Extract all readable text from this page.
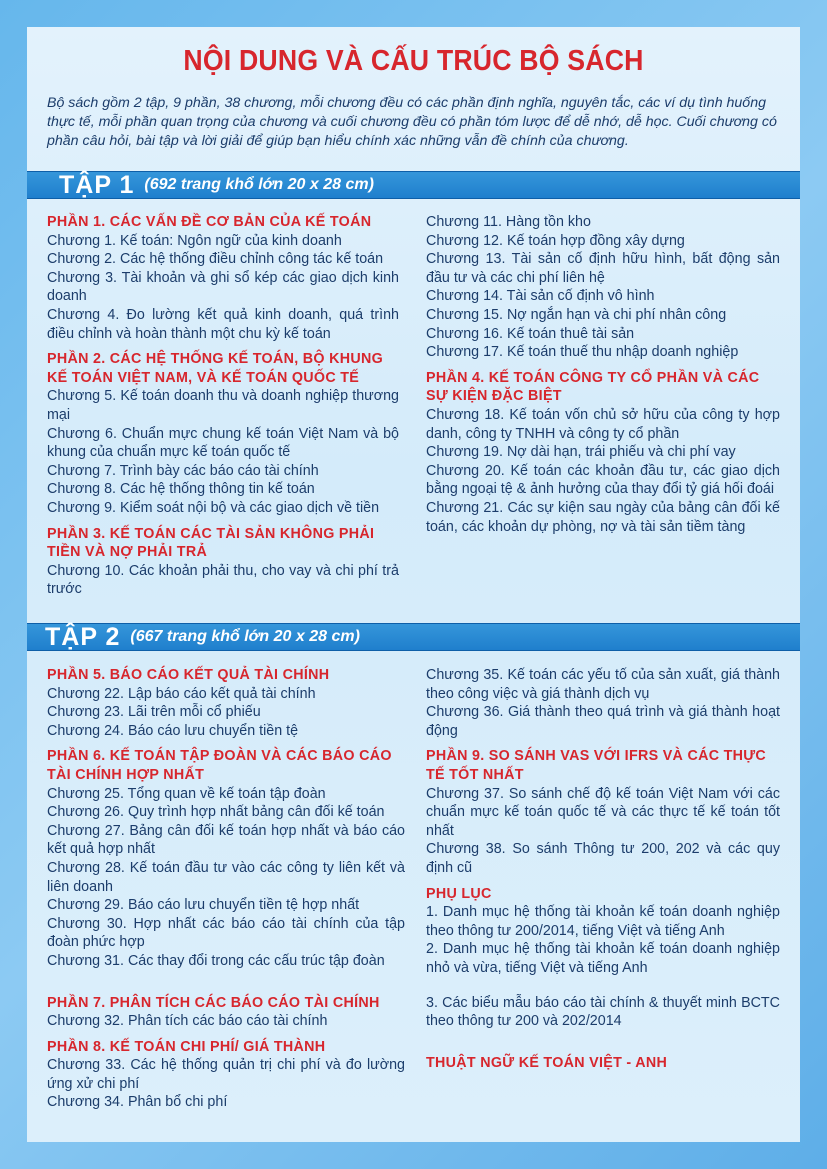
NỘI DUNG VÀ CẤU TRÚC BỘ SÁCH
Bộ sách gồm 2 tập, 9 phần, 38 chương, mỗi chương đều có các phần định nghĩa, nguyên tắc, các ví dụ tình huống thực tế, mỗi phần quan trọng của chương và cuối chương đều có phần tóm lược để dễ nhớ, dễ học. Cuối chương có phần câu hỏi, bài tập và lời giải để giúp bạn hiểu chính xác những vẫn đề chính của chương.
TẬP 1 (692 trang khổ lớn 20 x 28 cm)
PHẦN 1. CÁC VẤN ĐỀ CƠ BẢN CỦA KẾ TOÁN
Chương 1. Kế toán: Ngôn ngữ của kinh doanh
Chương 2. Các hệ thống điều chỉnh công tác kế toán
Chương 3. Tài khoản và ghi sổ kép các giao dịch kinh doanh
Chương 4. Đo lường kết quả kinh doanh, quá trình điều chỉnh và hoàn thành một chu kỳ kế toán
PHẦN 2. CÁC HỆ THỐNG KẾ TOÁN, BỘ KHUNG KẾ TOÁN VIỆT NAM, VÀ KẾ TOÁN QUỐC TẾ
Chương 5. Kế toán doanh thu và doanh nghiệp thương mại
Chương 6. Chuẩn mực chung kế toán Việt Nam và bộ khung của chuẩn mực kế toán quốc tế
Chương 7. Trình bày các báo cáo tài chính
Chương 8. Các hệ thống thông tin kế toán
Chương 9. Kiểm soát nội bộ và các giao dịch về tiền
PHẦN 3. KẾ TOÁN CÁC TÀI SẢN KHÔNG PHẢI TIỀN VÀ NỢ PHẢI TRẢ
Chương 10. Các khoản phải thu, cho vay và chi phí trả trước
Chương 11. Hàng tồn kho
Chương 12. Kế toán hợp đồng xây dựng
Chương 13. Tài sản cố định hữu hình, bất động sản đầu tư và các chi phí liên hệ
Chương 14. Tài sản cố định vô hình
Chương 15. Nợ ngắn hạn và chi phí nhân công
Chương 16. Kế toán thuê tài sản
Chương 17. Kế toán thuế thu nhập doanh nghiệp
PHẦN 4. KẾ TOÁN CÔNG TY CỔ PHẦN VÀ CÁC SỰ KIỆN ĐẶC BIỆT
Chương 18. Kế toán vốn chủ sở hữu của công ty hợp danh, công ty TNHH và công ty cổ phần
Chương 19. Nợ dài hạn, trái phiếu và chi phí vay
Chương 20. Kế toán các khoản đầu tư, các giao dịch bằng ngoại tệ & ảnh hưởng của thay đổi tỷ giá hối đoái
Chương 21. Các sự kiện sau ngày của bảng cân đối kế toán, các khoản dự phòng, nợ và tài sản tiềm tàng
TẬP 2 (667 trang khổ lớn 20 x 28 cm)
PHẦN 5. BÁO CÁO KẾT QUẢ TÀI CHÍNH
Chương 22. Lập báo cáo kết quả tài chính
Chương 23. Lãi trên mỗi cổ phiếu
Chương 24. Báo cáo lưu chuyển tiền tệ
PHẦN 6. KẾ TOÁN TẬP ĐOÀN VÀ CÁC BÁO CÁO TÀI CHÍNH HỢP NHẤT
Chương 25. Tổng quan về kế toán tập đoàn
Chương 26. Quy trình hợp nhất bảng cân đối kế toán
Chương 27. Bảng cân đối kế toán hợp nhất và báo cáo kết quả hợp nhất
Chương 28. Kế toán đầu tư vào các công ty liên kết và liên doanh
Chương 29. Báo cáo lưu chuyển tiền tệ hợp nhất
Chương 30. Hợp nhất các báo cáo tài chính của tập đoàn phức hợp
Chương 31. Các thay đổi trong các cấu trúc tập đoàn
PHẦN 7. PHÂN TÍCH CÁC BÁO CÁO TÀI CHÍNH
Chương 32. Phân tích các báo cáo tài chính
PHẦN 8. KẾ TOÁN CHI PHÍ/ GIÁ THÀNH
Chương 33. Các hệ thống quản trị chi phí và đo lường ứng xử chi phí
Chương 34. Phân bổ chi phí
Chương 35. Kế toán các yếu tố của sản xuất, giá thành theo công việc và giá thành dịch vụ
Chương 36. Giá thành theo quá trình và giá thành hoạt động
PHẦN 9. SO SÁNH VAS VỚI IFRS VÀ CÁC THỰC TẾ TỐT NHẤT
Chương 37. So sánh chế độ kế toán Việt Nam với các chuẩn mực kế toán quốc tế và các thực tế kế toán tốt nhất
Chương 38. So sánh Thông tư 200, 202 và các quy định cũ
PHỤ LỤC
1. Danh mục hệ thống tài khoản kế toán doanh nghiệp theo thông tư 200/2014, tiếng Việt và tiếng Anh
2. Danh mục hệ thống tài khoản kế toán doanh nghiệp nhỏ và vừa, tiếng Việt và tiếng Anh
3. Các biểu mẫu báo cáo tài chính & thuyết minh BCTC theo thông tư 200 và 202/2014
THUẬT NGỮ KẾ TOÁN VIỆT - ANH
